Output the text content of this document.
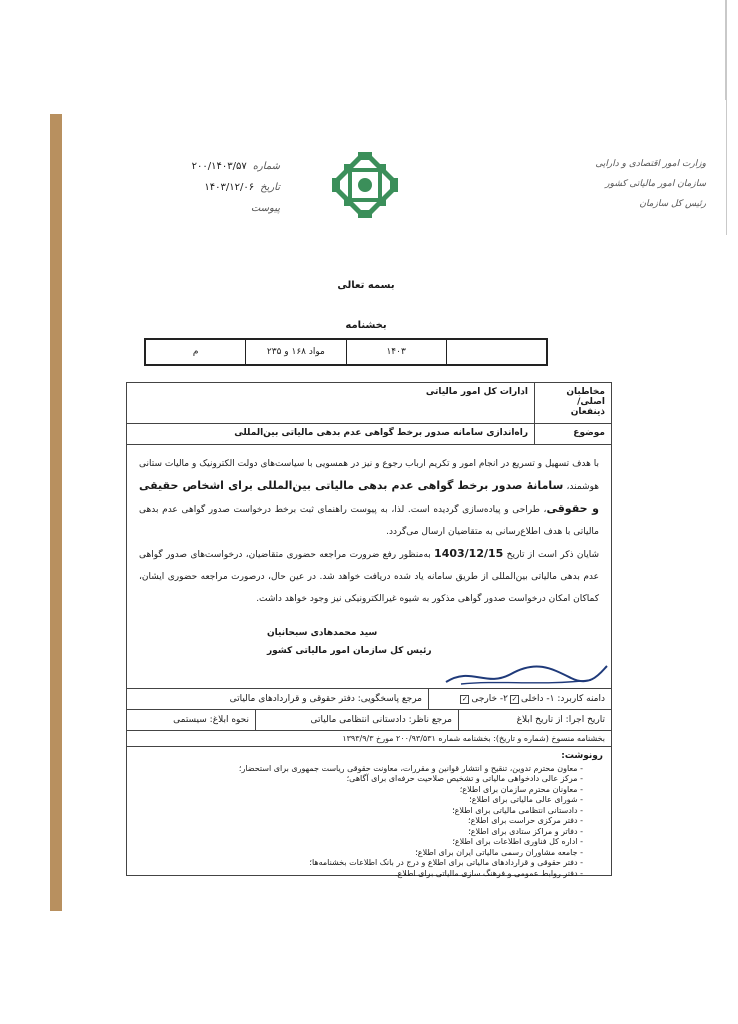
وزارت امور اقتصادی و دارایی
سازمان امور مالیاتی کشور
رئیس کل سازمان
شماره
۲۰۰/۱۴۰۳/۵۷
تاریخ
۱۴۰۳/۱۲/۰۶
پیوست
بسمه تعالی
بخشنامه
۱۴۰۳
مواد ۱۶۸ و ۲۳۵
م
مخاطبان اصلی/ ذینفعان
ادارات کل امور مالیاتی
موضوع
راه‌اندازی سامانه صدور برخط گواهی عدم بدهی مالیاتی بین‌المللی

با هدف تسهیل و تسریع در انجام امور و تکریم ارباب رجوع و نیز در همسویی با سیاست‌های دولت الکترونیک و مالیات ستانی هوشمند، سامانۀ صدور برخط گواهی عدم بدهی مالیاتی بین‌المللی برای اشخاص حقیقی و حقوقی، طراحی و پیاده‌سازی گردیده است. لذا، به پیوست راهنمای ثبت برخط درخواست صدور گواهی عدم بدهی مالیاتی با هدف اطلاع‌رسانی به متقاضیان ارسال می‌گردد.

شایان ذکر است از تاریخ 1403/12/15 به‌منظور رفع ضرورت مراجعه حضوری متقاضیان، درخواست‌های صدور گواهی عدم بدهی مالیاتی بین‌المللی از طریق سامانه یاد شده دریافت خواهد شد. در عین حال، درصورت مراجعه حضوری ایشان، کماکان امکان درخواست صدور گواهی مذکور به شیوه غیرالکترونیکی نیز وجود خواهد داشت.

سید محمدهادی سبحانیان
رئیس کل سازمان امور مالیاتی کشور
دامنه کاربرد: ۱- داخلی
✓
۲- خارجی
✓
مرجع پاسخگویی: دفتر حقوقی و قراردادهای مالیاتی
تاریخ اجرا: از تاریخ ابلاغ
مرجع ناظر: دادستانی انتظامی مالیاتی
نحوه ابلاغ: سیستمی
بخشنامه منسوخ (شماره و تاریخ): بخشنامه شماره ۲۰۰/۹۳/۵۳۱ مورخ ۱۳۹۳/۹/۳
رونوشت:
- معاون محترم تدوین، تنقیح و انتشار قوانین و مقررات، معاونت حقوقی ریاست جمهوری برای استحضار؛
- مرکز عالی دادخواهی مالیاتی و تشخیص صلاحیت حرفه‌ای برای آگاهی؛
- معاونان محترم سازمان برای اطلاع؛
- شورای عالی مالیاتی برای اطلاع؛
- دادستانی انتظامی مالیاتی برای اطلاع؛
- دفتر مرکزی حراست برای اطلاع؛
- دفاتر و مراکز ستادی برای اطلاع؛
- اداره کل فناوری اطلاعات برای اطلاع؛
- جامعه مشاوران رسمی مالیاتی ایران برای اطلاع؛
- دفتر حقوقی و قراردادهای مالیاتی برای اطلاع و درج در بانک اطلاعات بخشنامه‌ها؛
- دفتر روابط عمومی و فرهنگ سازی مالیاتی برای اطلاع.
